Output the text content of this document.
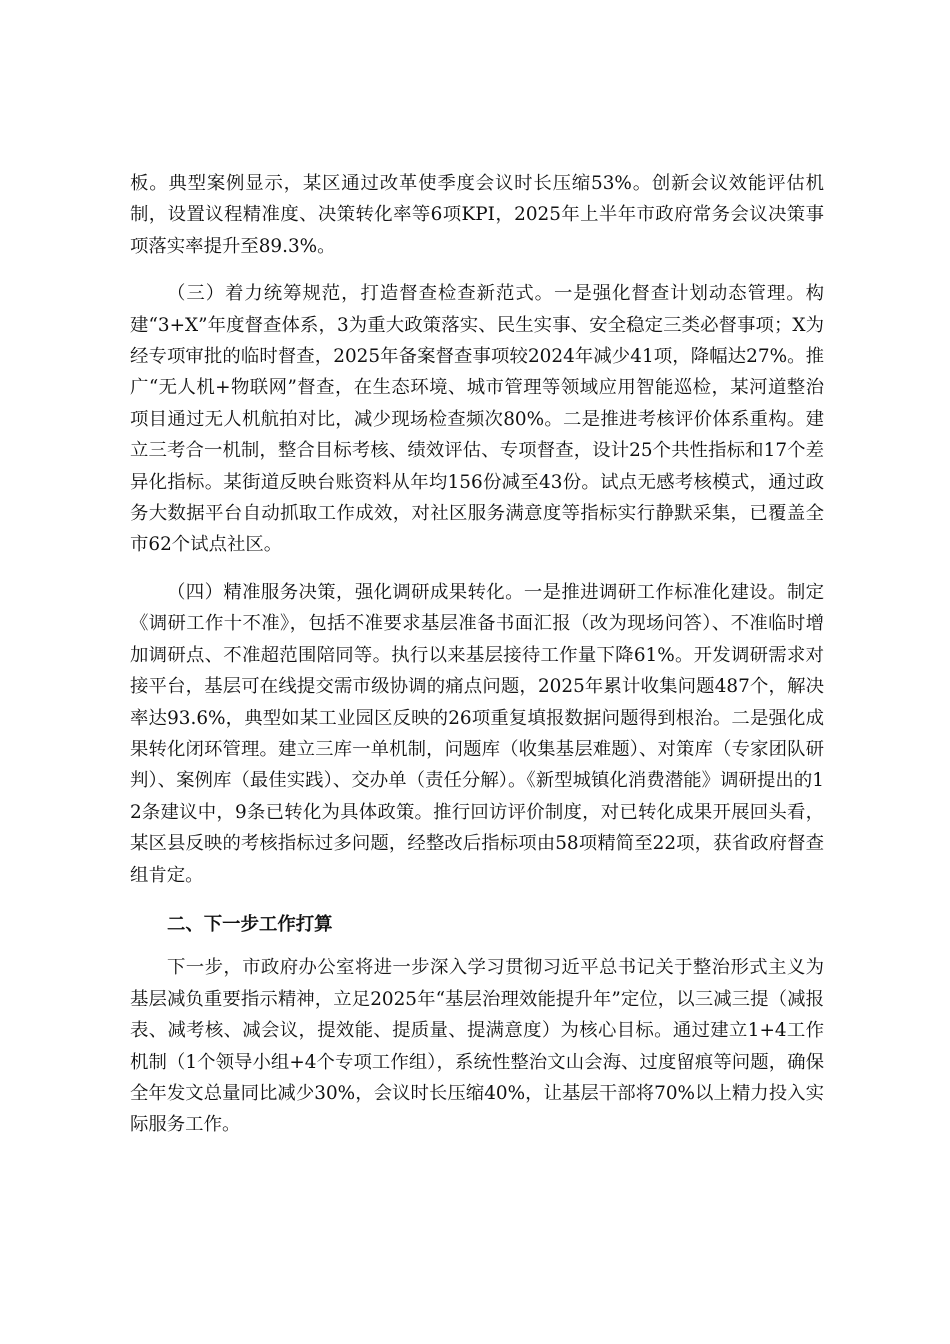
板。典型案例显示，某区通过改革使季度会议时长压缩53%。创新会议效能评估机制，设置议程精准度、决策转化率等6项KPI，2025年上半年市政府常务会议决策事项落实率提升至89.3%。

（三）着力统筹规范，打造督查检查新范式。一是强化督查计划动态管理。构建“3+X”年度督查体系，3为重大政策落实、民生实事、安全稳定三类必督事项；X为经专项审批的临时督查，2025年备案督查事项较2024年减少41项，降幅达27%。推广“无人机+物联网”督查，在生态环境、城市管理等领域应用智能巡检，某河道整治项目通过无人机航拍对比，减少现场检查频次80%。二是推进考核评价体系重构。建立三考合一机制，整合目标考核、绩效评估、专项督查，设计25个共性指标和17个差异化指标。某街道反映台账资料从年均156份减至43份。试点无感考核模式，通过政务大数据平台自动抓取工作成效，对社区服务满意度等指标实行静默采集，已覆盖全市62个试点社区。

（四）精准服务决策，强化调研成果转化。一是推进调研工作标准化建设。制定《调研工作十不准》，包括不准要求基层准备书面汇报（改为现场问答）、不准临时增加调研点、不准超范围陪同等。执行以来基层接待工作量下降61%。开发调研需求对接平台，基层可在线提交需市级协调的痛点问题，2025年累计收集问题487个，解决率达93.6%，典型如某工业园区反映的26项重复填报数据问题得到根治。二是强化成果转化闭环管理。建立三库一单机制，问题库（收集基层难题）、对策库（专家团队研判）、案例库（最佳实践）、交办单（责任分解）。《新型城镇化消费潜能》调研提出的12条建议中，9条已转化为具体政策。推行回访评价制度，对已转化成果开展回头看，某区县反映的考核指标过多问题，经整改后指标项由58项精简至22项，获省政府督查组肯定。

二、下一步工作打算

下一步，市政府办公室将进一步深入学习贯彻习近平总书记关于整治形式主义为基层减负重要指示精神，立足2025年“基层治理效能提升年”定位，以三减三提（减报表、减考核、减会议，提效能、提质量、提满意度）为核心目标。通过建立1+4工作机制（1个领导小组+4个专项工作组），系统性整治文山会海、过度留痕等问题，确保全年发文总量同比减少30%，会议时长压缩40%，让基层干部将70%以上精力投入实际服务工作。
